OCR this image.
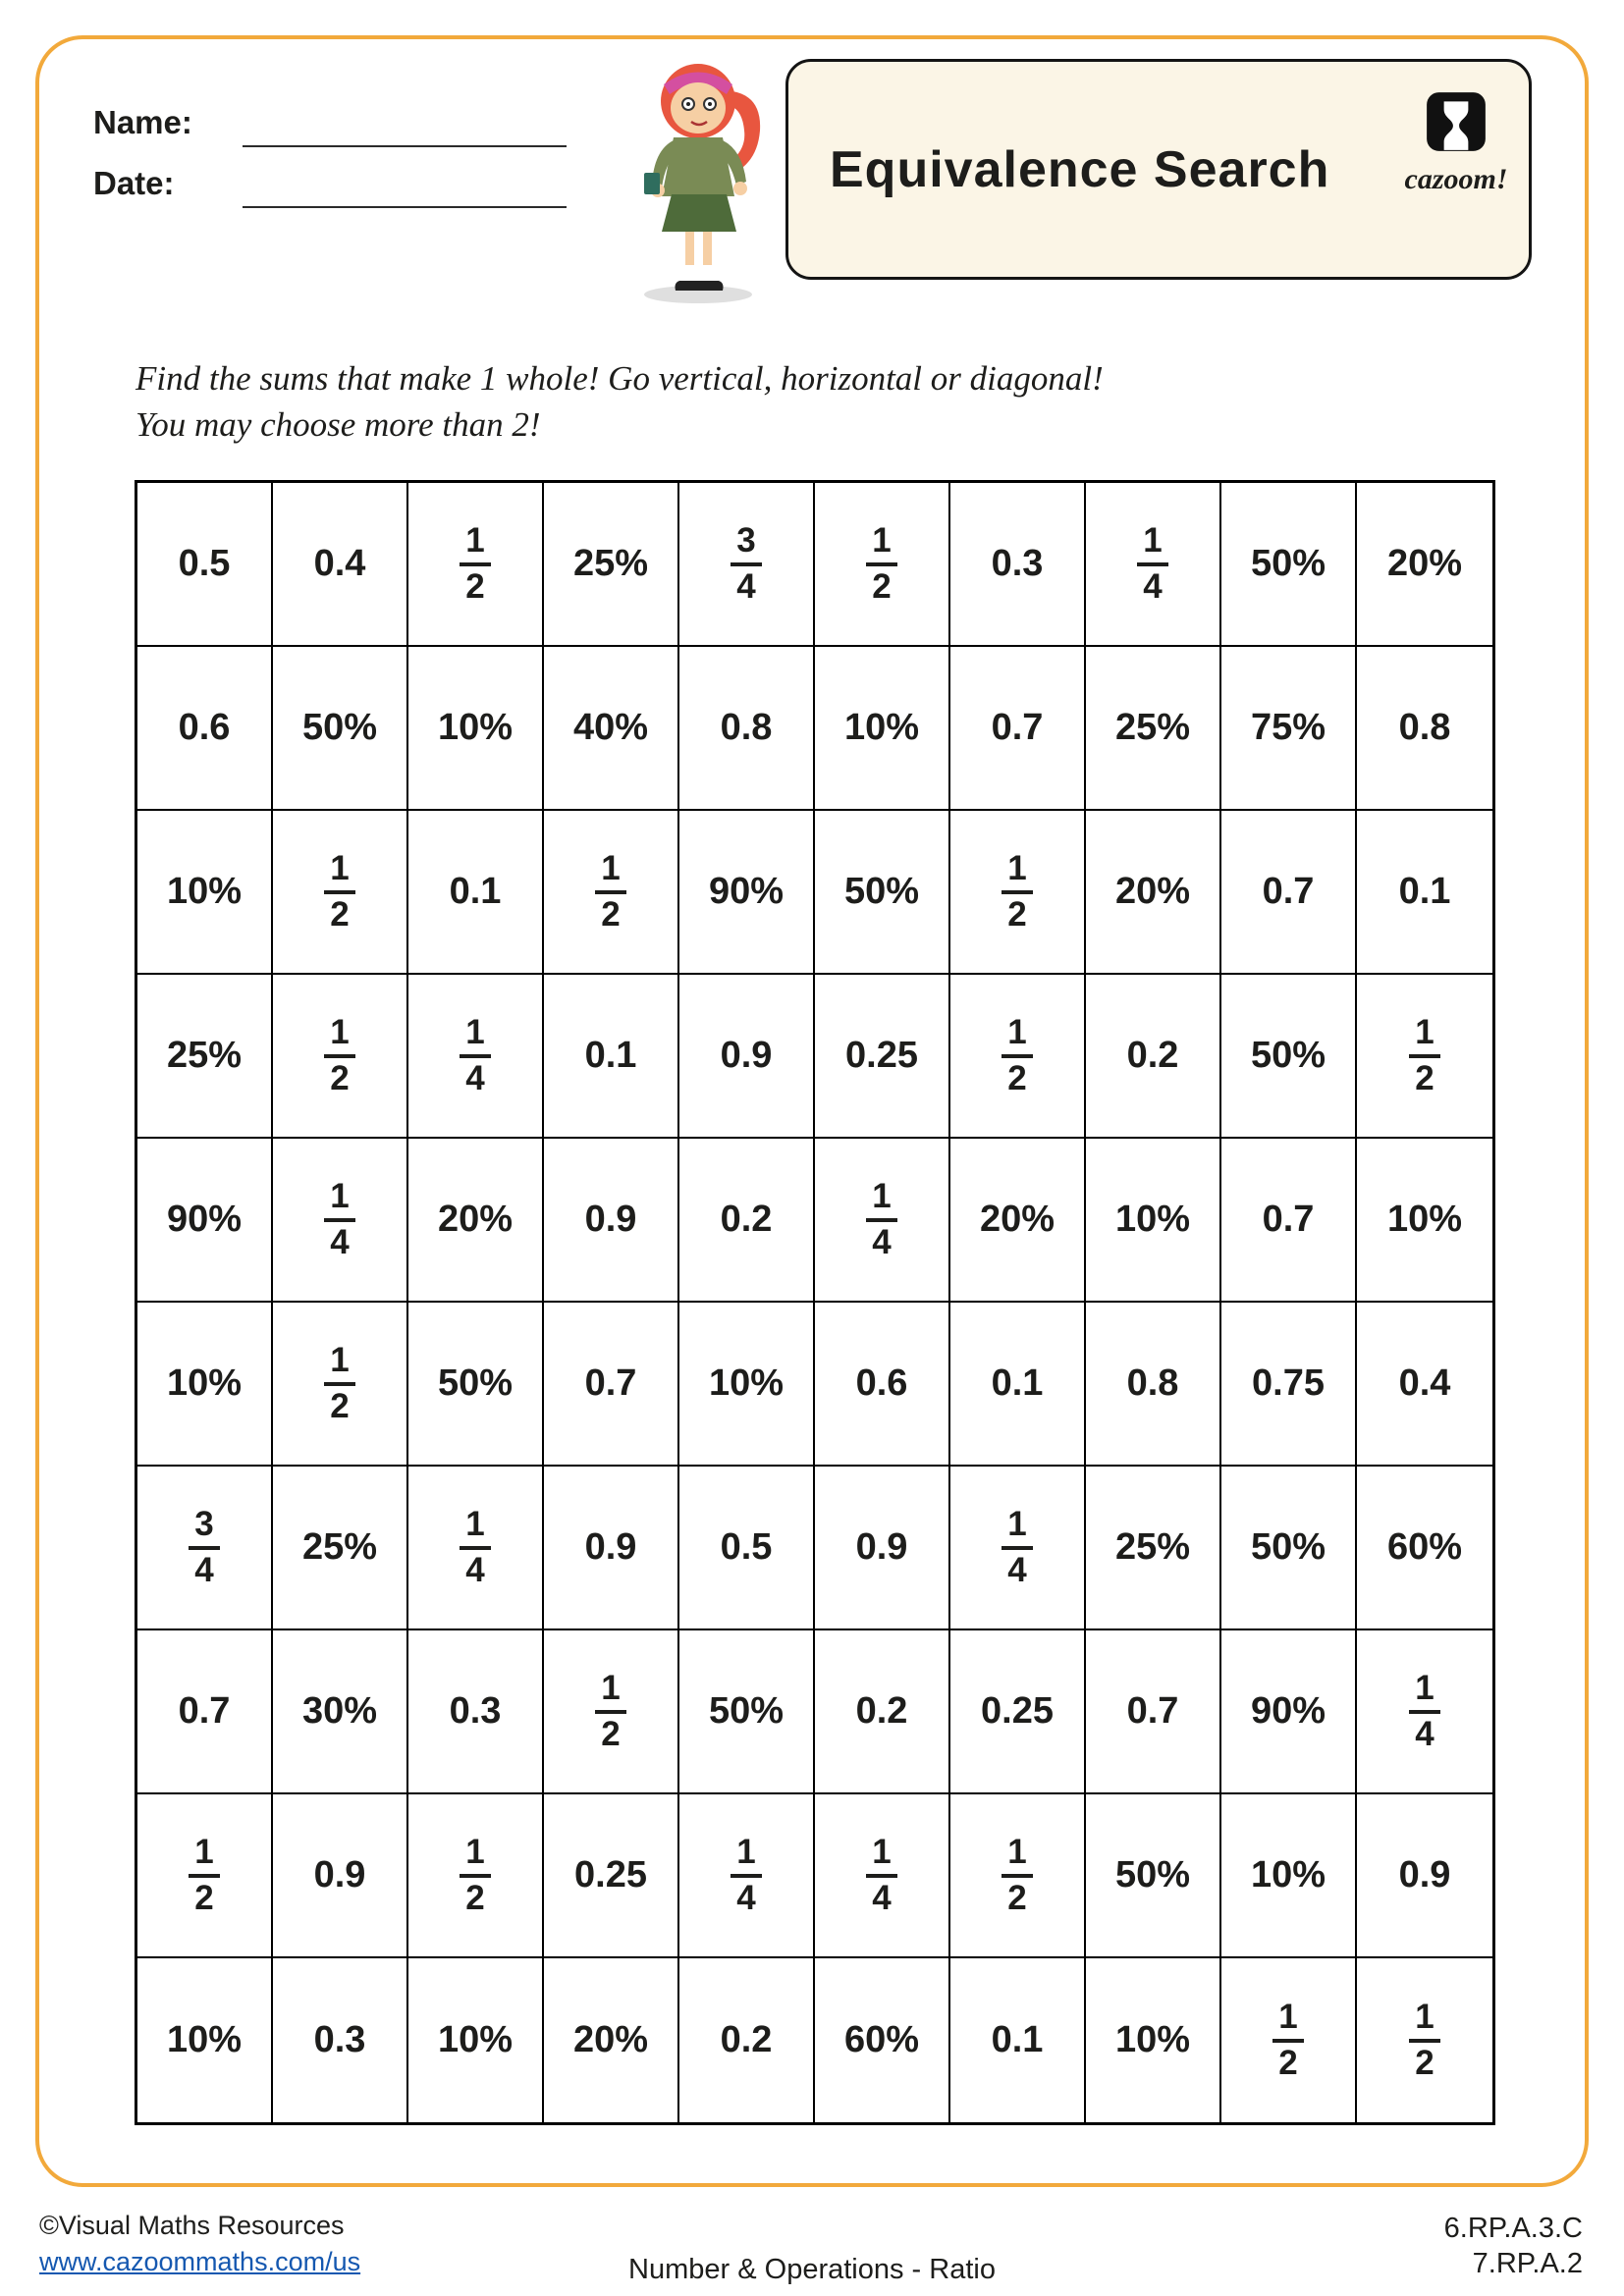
Name:
Date:	Equivalence Search	cazoom!

Find the sums that make 1 whole! Go vertical, horizontal or diagonal!

You may choose more than 2!

0.5	0.4	$\frac{1}{2}$	25%	$\frac{3}{4}$	$\frac{1}{2}$	0.3	$\frac{1}{4}$	50%	20%
0.6	50%	10%	40%	0.8	10%	0.7	25%	75%	0.8
10%	$\frac{1}{2}$	0.1	$\frac{1}{2}$	90%	50%	$\frac{1}{2}$	20%	0.7	0.1
25%	$\frac{1}{2}$	$\frac{1}{4}$	0.1	0.9	0.25	$\frac{1}{2}$	0.2	50%	$\frac{1}{2}$
90%	$\frac{1}{4}$	20%	0.9	0.2	$\frac{1}{4}$	20%	10%	0.7	10%
10%	$\frac{1}{2}$	50%	0.7	10%	0.6	0.1	0.8	0.75	0.4
$\frac{3}{4}$	25%	$\frac{1}{4}$	0.9	0.5	0.9	$\frac{1}{4}$	25%	50%	60%
0.7	30%	0.3	$\frac{1}{2}$	50%	0.2	0.25	0.7	90%	$\frac{1}{4}$
$\frac{1}{2}$	0.9	$\frac{1}{2}$	0.25	$\frac{1}{4}$	$\frac{1}{4}$	$\frac{1}{2}$	50%	10%	0.9
10%	0.3	10%	20%	0.2	60%	0.1	10%	$\frac{1}{2}$	$\frac{1}{2}$
©Visual Maths Resources
www.cazoommaths.com/us	Number & Operations - Ratio
6.RP.A.3.C
7.RP.A.2
